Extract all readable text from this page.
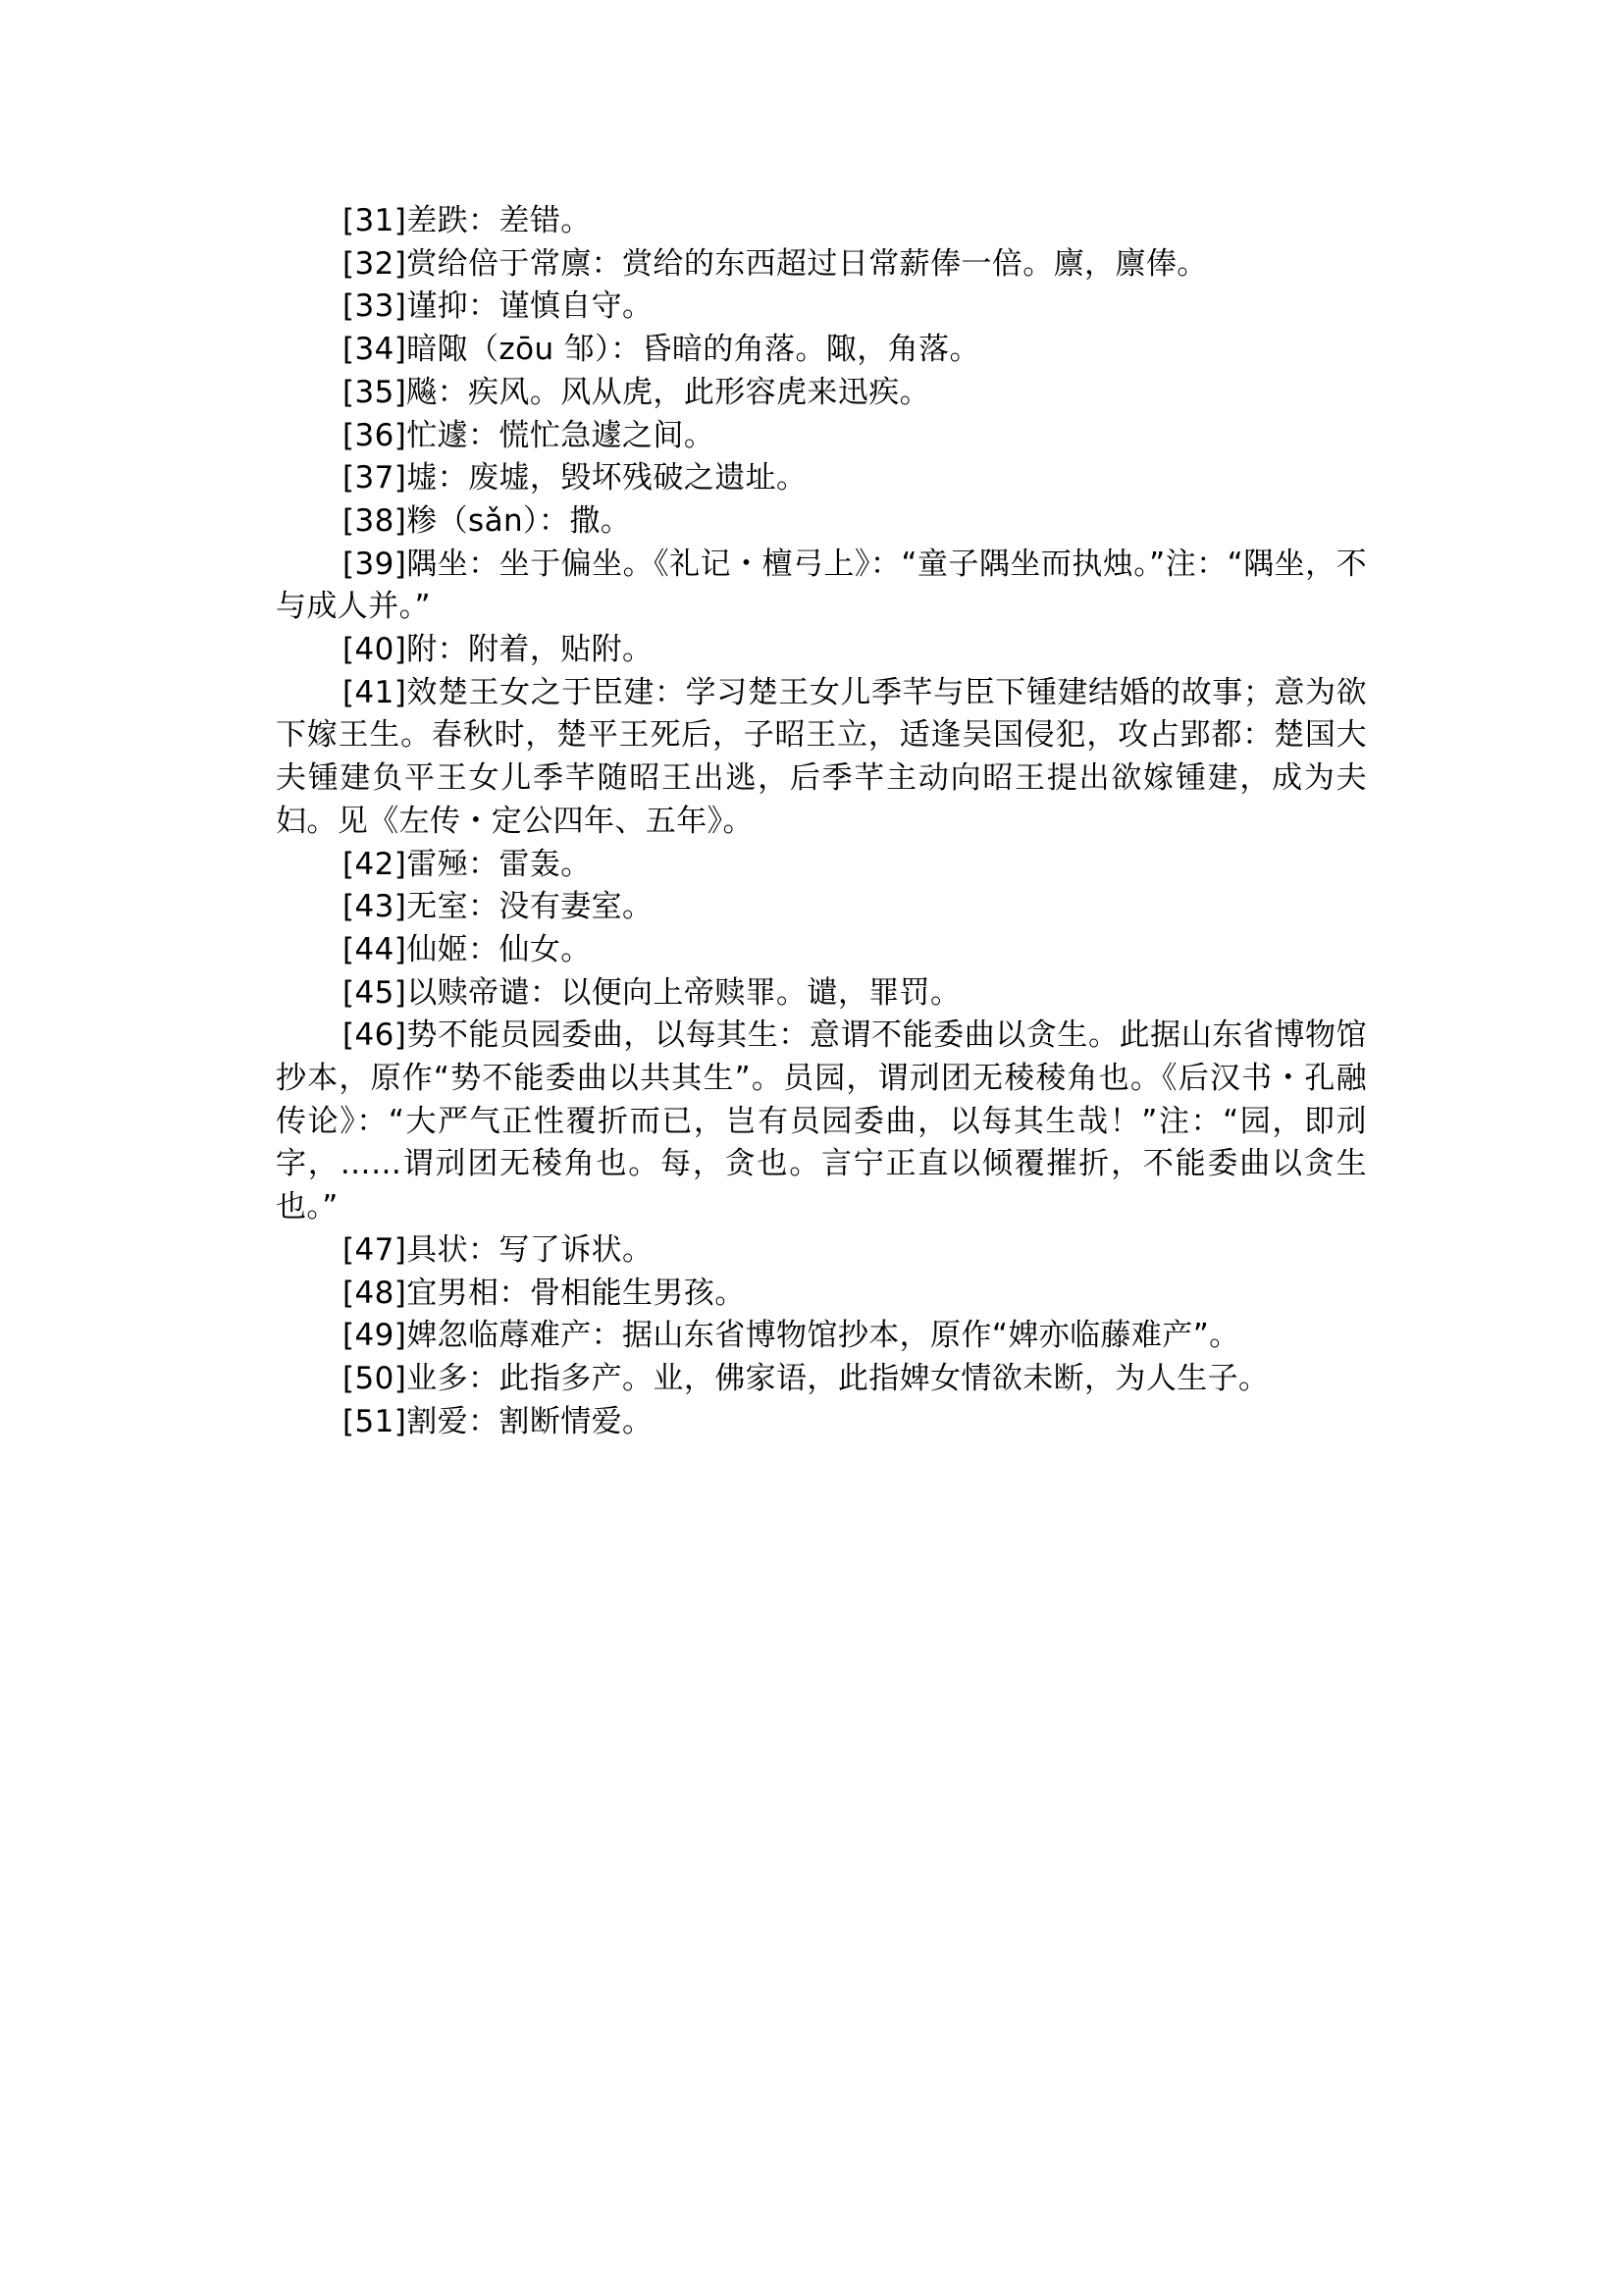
[31]差跌：差错。

[32]赏给倍于常廪：赏给的东西超过日常薪俸一倍。廪，廪俸。

[33]谨抑：谨慎自守。

[34]暗陬（zōu 邹）：昏暗的角落。陬，角落。

[35]飚：疾风。风从虎，此形容虎来迅疾。

[36]忙遽：慌忙急遽之间。

[37]墟：废墟，毁坏残破之遗址。

[38]糁（sǎn）：撒。

[39]隅坐：坐于偏坐。《礼记・檀弓上》：“童子隅坐而执烛。”注：“隅坐，不与成人并。”

[40]附：附着，贴附。

[41]效楚王女之于臣建：学习楚王女儿季芊与臣下锺建结婚的故事；意为欲下嫁王生。春秋时，楚平王死后，子昭王立，适逢吴国侵犯，攻占郢都：楚国大夫锺建负平王女儿季芊随昭王出逃，后季芊主动向昭王提出欲嫁锺建，成为夫妇。见《左传・定公四年、五年》。

[42]雷殛：雷轰。

[43]无室：没有妻室。

[44]仙姬：仙女。

[45]以赎帝谴：以便向上帝赎罪。谴，罪罚。

[46]势不能员园委曲，以每其生：意谓不能委曲以贪生。此据山东省博物馆抄本，原作“势不能委曲以共其生”。员园，谓刓团无稜稜角也。《后汉书・孔融传论》：“大严气正性覆折而已，岂有员园委曲，以每其生哉！”注：“园，即刓字，……谓刓团无稜角也。每，贪也。言宁正直以倾覆摧折，不能委曲以贪生也。”

[47]具状：写了诉状。

[48]宜男相：骨相能生男孩。

[49]婢忽临蓐难产：据山东省博物馆抄本，原作“婢亦临藤难产”。

[50]业多：此指多产。业，佛家语，此指婢女情欲未断，为人生子。

[51]割爱：割断情爱。
